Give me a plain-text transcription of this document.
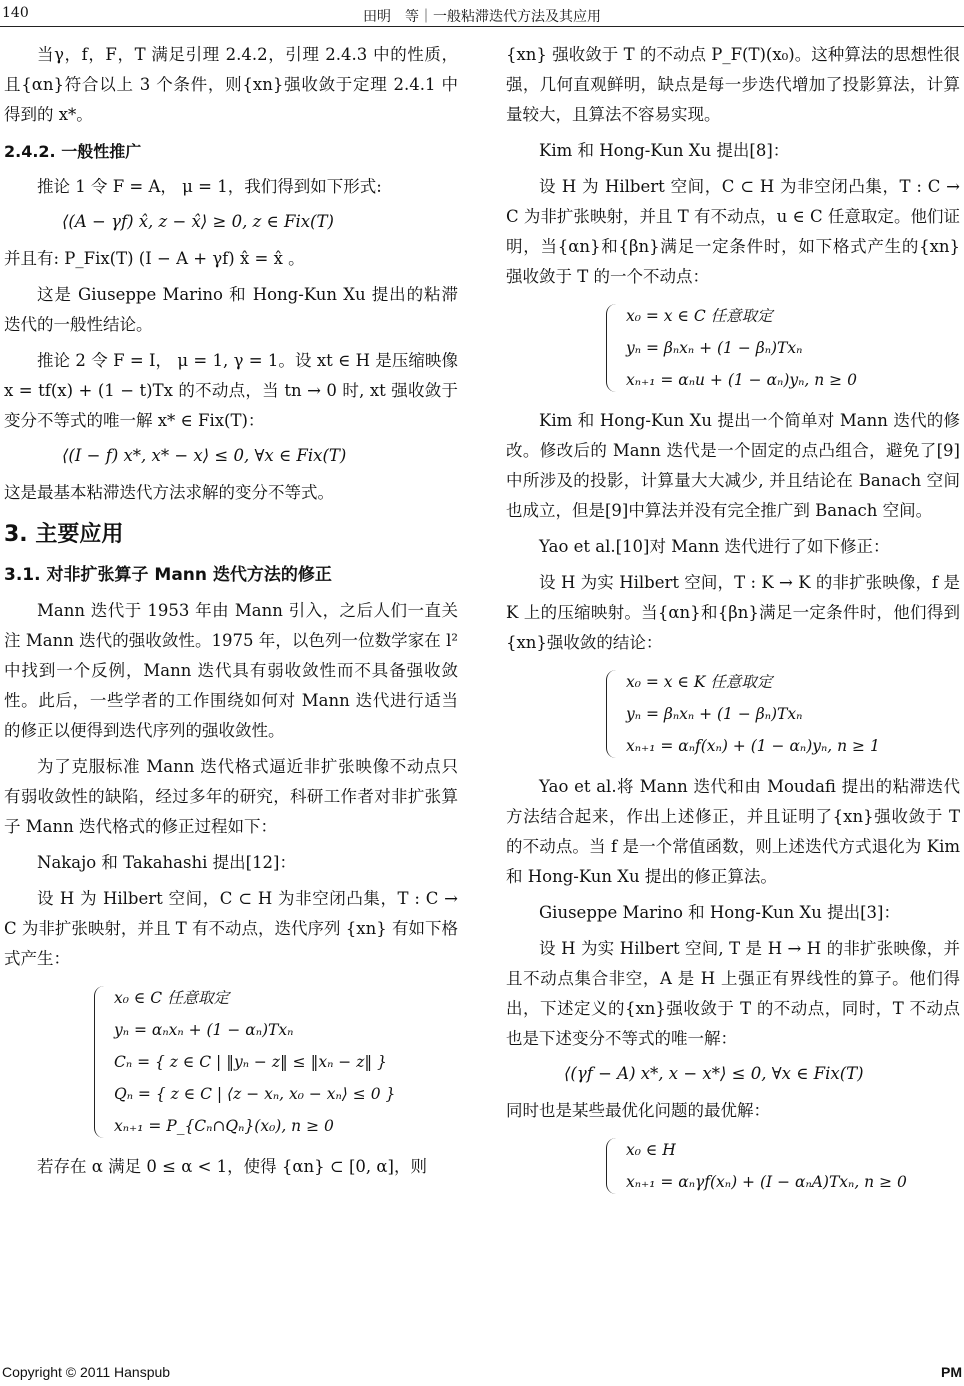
140	田明　等｜一般粘滞迭代方法及其应用

当γ，f，F，T 满足引理 2.4.2，引理 2.4.3 中的性质，且{αn}符合以上 3 个条件，则{xn}强收敛于定理 2.4.1 中得到的 x*。

2.4.2. 一般性推广

推论 1 令 F = A， μ = 1，我们得到如下形式:

⟨(A − γf) x̂, z − x̂⟩ ≥ 0, z ∈ Fix(T)

并且有: P_Fix(T) (I − A + γf) x̂ = x̂ 。

这是 Giuseppe Marino 和 Hong-Kun Xu 提出的粘滞迭代的一般性结论。

推论 2 令 F = I， μ = 1, γ = 1。设 xt ∈ H 是压缩映像 x = tf(x) + (1 − t)Tx 的不动点，当 tn → 0 时, xt 强收敛于变分不等式的唯一解 x* ∈ Fix(T)：

⟨(I − f) x*, x* − x⟩ ≤ 0, ∀x ∈ Fix(T)

这是最基本粘滞迭代方法求解的变分不等式。

3. 主要应用
3.1. 对非扩张算子 Mann 迭代方法的修正

Mann 迭代于 1953 年由 Mann 引入，之后人们一直关注 Mann 迭代的强收敛性。1975 年，以色列一位数学家在 l² 中找到一个反例，Mann 迭代具有弱收敛性而不具备强收敛性。此后，一些学者的工作围绕如何对 Mann 迭代进行适当的修正以便得到迭代序列的强收敛性。

为了克服标准 Mann 迭代格式逼近非扩张映像不动点只有弱收敛性的缺陷，经过多年的研究，科研工作者对非扩张算子 Mann 迭代格式的修正过程如下：

Nakajo 和 Takahashi 提出[12]：

设 H 为 Hilbert 空间，C ⊂ H 为非空闭凸集，T : C → C 为非扩张映射，并且 T 有不动点，迭代序列 {xn} 有如下格式产生：

x₀ ∈ C 任意取定
yₙ = αₙxₙ + (1 − αₙ)Txₙ
Cₙ = { z ∈ C | ‖yₙ − z‖ ≤ ‖xₙ − z‖ }
Qₙ = { z ∈ C | ⟨z − xₙ, x₀ − xₙ⟩ ≤ 0 }
xₙ₊₁ = P_{Cₙ∩Qₙ}(x₀), n ≥ 0

若存在 α 满足 0 ≤ α < 1，使得 {αn} ⊂ [0, α]，则

{xn} 强收敛于 T 的不动点 P_F(T)(x₀)。这种算法的思想性很强，几何直观鲜明，缺点是每一步迭代增加了投影算法，计算量较大，且算法不容易实现。

Kim 和 Hong-Kun Xu 提出[8]：

设 H 为 Hilbert 空间，C ⊂ H 为非空闭凸集，T : C → C 为非扩张映射，并且 T 有不动点，u ∈ C 任意取定。他们证明，当{αn}和{βn}满足一定条件时，如下格式产生的{xn}强收敛于 T 的一个不动点：

x₀ = x ∈ C 任意取定
yₙ = βₙxₙ + (1 − βₙ)Txₙ
xₙ₊₁ = αₙu + (1 − αₙ)yₙ, n ≥ 0

Kim 和 Hong-Kun Xu 提出一个简单对 Mann 迭代的修改。修改后的 Mann 迭代是一个固定的点凸组合，避免了[9]中所涉及的投影，计算量大大减少, 并且结论在 Banach 空间也成立，但是[9]中算法并没有完全推广到 Banach 空间。

Yao et al.[10]对 Mann 迭代进行了如下修正：

设 H 为实 Hilbert 空间，T : K → K 的非扩张映像，f 是 K 上的压缩映射。当{αn}和{βn}满足一定条件时，他们得到{xn}强收敛的结论：

x₀ = x ∈ K 任意取定
yₙ = βₙxₙ + (1 − βₙ)Txₙ
xₙ₊₁ = αₙf(xₙ) + (1 − αₙ)yₙ, n ≥ 1

Yao et al.将 Mann 迭代和由 Moudafi 提出的粘滞迭代方法结合起来，作出上述修正，并且证明了{xn}强收敛于 T 的不动点。当 f 是一个常值函数，则上述迭代方式退化为 Kim 和 Hong-Kun Xu 提出的修正算法。

Giuseppe Marino 和 Hong-Kun Xu 提出[3]：

设 H 为实 Hilbert 空间, T 是 H → H 的非扩张映像，并且不动点集合非空，A 是 H 上强正有界线性的算子。他们得出，下述定义的{xn}强收敛于 T 的不动点，同时，T 不动点也是下述变分不等式的唯一解：

⟨(γf − A) x*, x − x*⟩ ≤ 0, ∀x ∈ Fix(T)

同时也是某些最优化问题的最优解：

x₀ ∈ H
xₙ₊₁ = αₙγf(xₙ) + (I − αₙA)Txₙ, n ≥ 0
Copyright © 2011 Hanspub	PM
